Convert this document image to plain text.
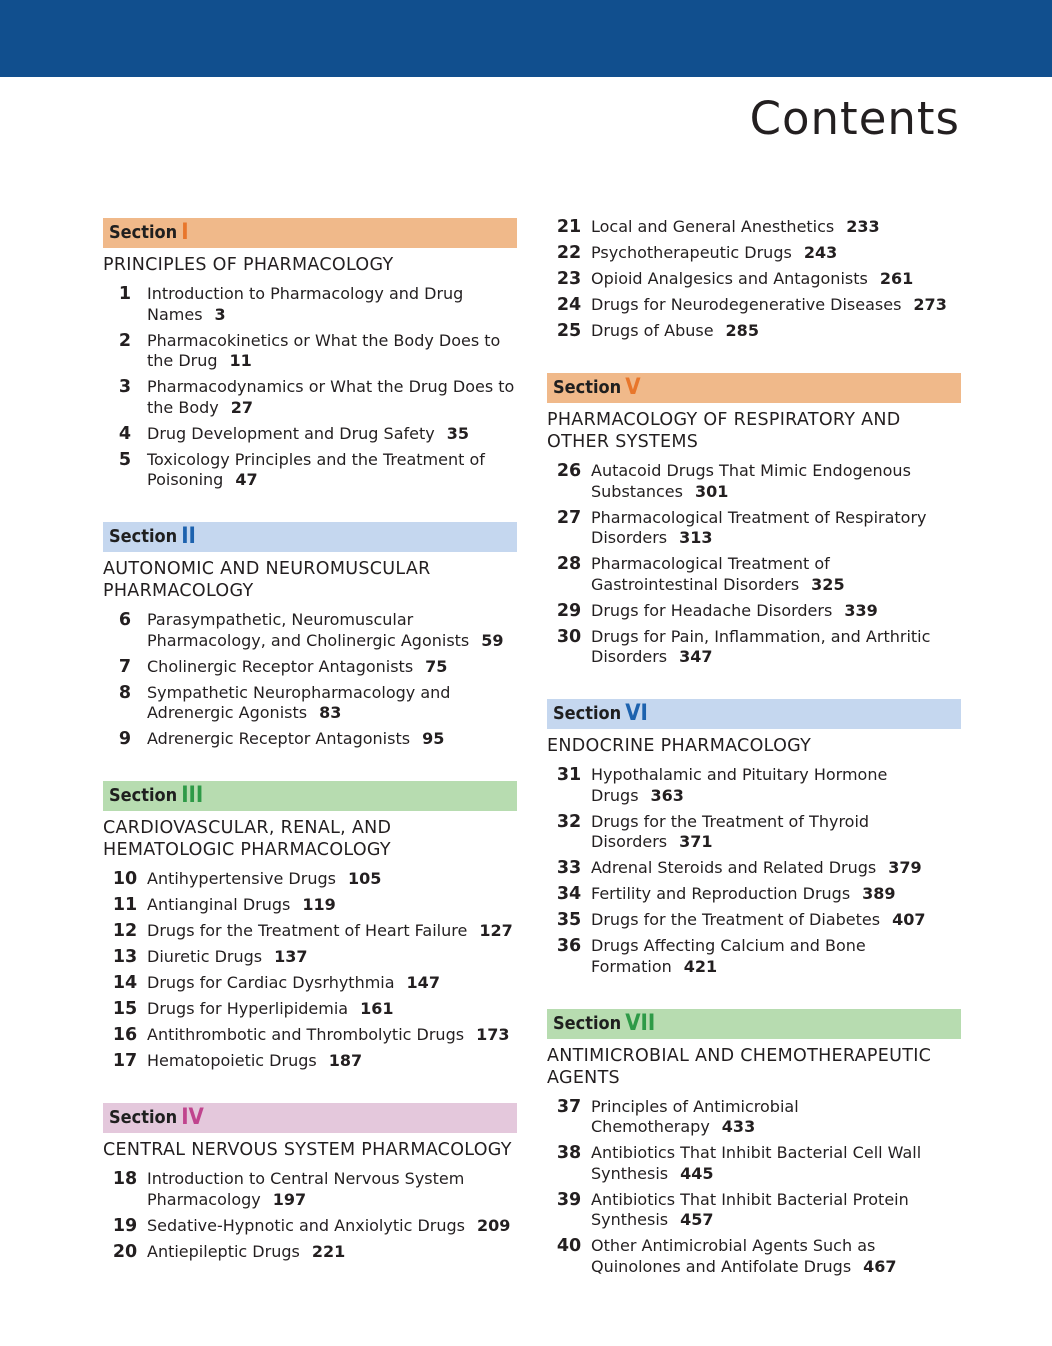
Contents
Section I
PRINCIPLES OF PHARMACOLOGY
1 Introduction to Pharmacology and Drug Names 3
2 Pharmacokinetics or What the Body Does to the Drug 11
3 Pharmacodynamics or What the Drug Does to the Body 27
4 Drug Development and Drug Safety 35
5 Toxicology Principles and the Treatment of Poisoning 47
Section II
AUTONOMIC AND NEUROMUSCULAR PHARMACOLOGY
6 Parasympathetic, Neuromuscular Pharmacology, and Cholinergic Agonists 59
7 Cholinergic Receptor Antagonists 75
8 Sympathetic Neuropharmacology and Adrenergic Agonists 83
9 Adrenergic Receptor Antagonists 95
Section III
CARDIOVASCULAR, RENAL, AND HEMATOLOGIC PHARMACOLOGY
10 Antihypertensive Drugs 105
11 Antianginal Drugs 119
12 Drugs for the Treatment of Heart Failure 127
13 Diuretic Drugs 137
14 Drugs for Cardiac Dysrhythmia 147
15 Drugs for Hyperlipidemia 161
16 Antithrombotic and Thrombolytic Drugs 173
17 Hematopoietic Drugs 187
Section IV
CENTRAL NERVOUS SYSTEM PHARMACOLOGY
18 Introduction to Central Nervous System Pharmacology 197
19 Sedative-Hypnotic and Anxiolytic Drugs 209
20 Antiepileptic Drugs 221
21 Local and General Anesthetics 233
22 Psychotherapeutic Drugs 243
23 Opioid Analgesics and Antagonists 261
24 Drugs for Neurodegenerative Diseases 273
25 Drugs of Abuse 285
Section V
PHARMACOLOGY OF RESPIRATORY AND OTHER SYSTEMS
26 Autacoid Drugs That Mimic Endogenous Substances 301
27 Pharmacological Treatment of Respiratory Disorders 313
28 Pharmacological Treatment of Gastrointestinal Disorders 325
29 Drugs for Headache Disorders 339
30 Drugs for Pain, Inflammation, and Arthritic Disorders 347
Section VI
ENDOCRINE PHARMACOLOGY
31 Hypothalamic and Pituitary Hormone Drugs 363
32 Drugs for the Treatment of Thyroid Disorders 371
33 Adrenal Steroids and Related Drugs 379
34 Fertility and Reproduction Drugs 389
35 Drugs for the Treatment of Diabetes 407
36 Drugs Affecting Calcium and Bone Formation 421
Section VII
ANTIMICROBIAL AND CHEMOTHERAPEUTIC AGENTS
37 Principles of Antimicrobial Chemotherapy 433
38 Antibiotics That Inhibit Bacterial Cell Wall Synthesis 445
39 Antibiotics That Inhibit Bacterial Protein Synthesis 457
40 Other Antimicrobial Agents Such as Quinolones and Antifolate Drugs 467
